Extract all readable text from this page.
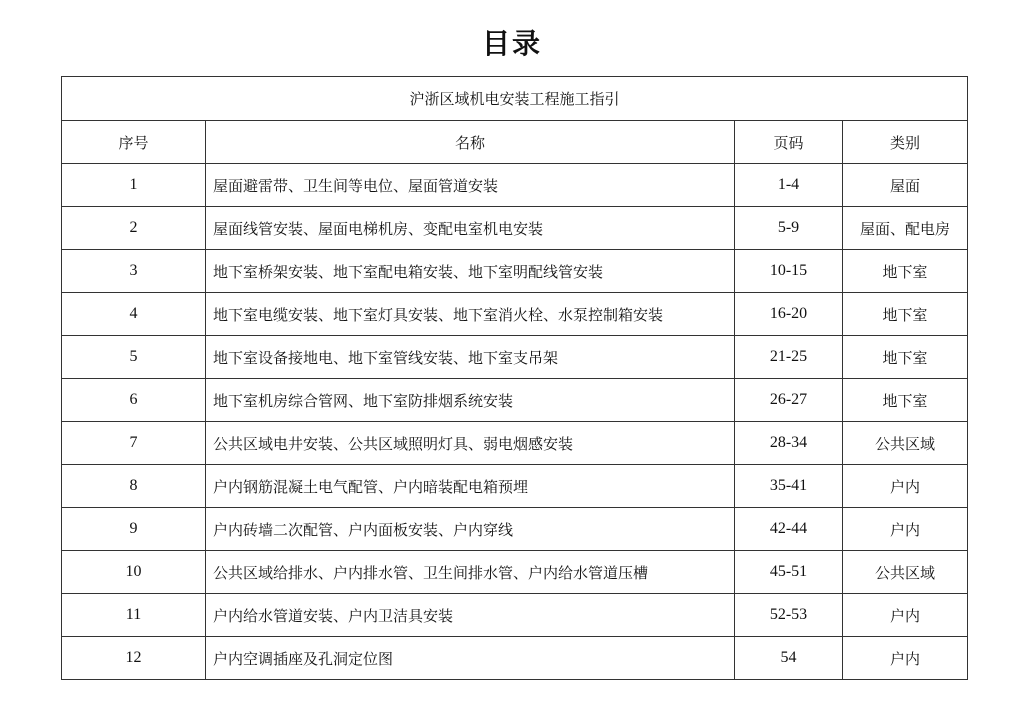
目录
沪浙区域机电安装工程施工指引			
序号	名称	页码	类别
1	屋面避雷带、卫生间等电位、屋面管道安装	1-4	屋面
2	屋面线管安装、屋面电梯机房、变配电室机电安装	5-9	屋面、配电房
3	地下室桥架安装、地下室配电箱安装、地下室明配线管安装	10-15	地下室
4	地下室电缆安装、地下室灯具安装、地下室消火栓、水泵控制箱安装	16-20	地下室
5	地下室设备接地电、地下室管线安装、地下室支吊架	21-25	地下室
6	地下室机房综合管网、地下室防排烟系统安装	26-27	地下室
7	公共区域电井安装、公共区域照明灯具、弱电烟感安装	28-34	公共区域
8	户内钢筋混凝土电气配管、户内暗装配电箱预埋	35-41	户内
9	户内砖墙二次配管、户内面板安装、户内穿线	42-44	户内
10	公共区域给排水、户内排水管、卫生间排水管、户内给水管道压槽	45-51	公共区域
11	户内给水管道安装、户内卫洁具安装	52-53	户内
12	户内空调插座及孔洞定位图	54	户内
